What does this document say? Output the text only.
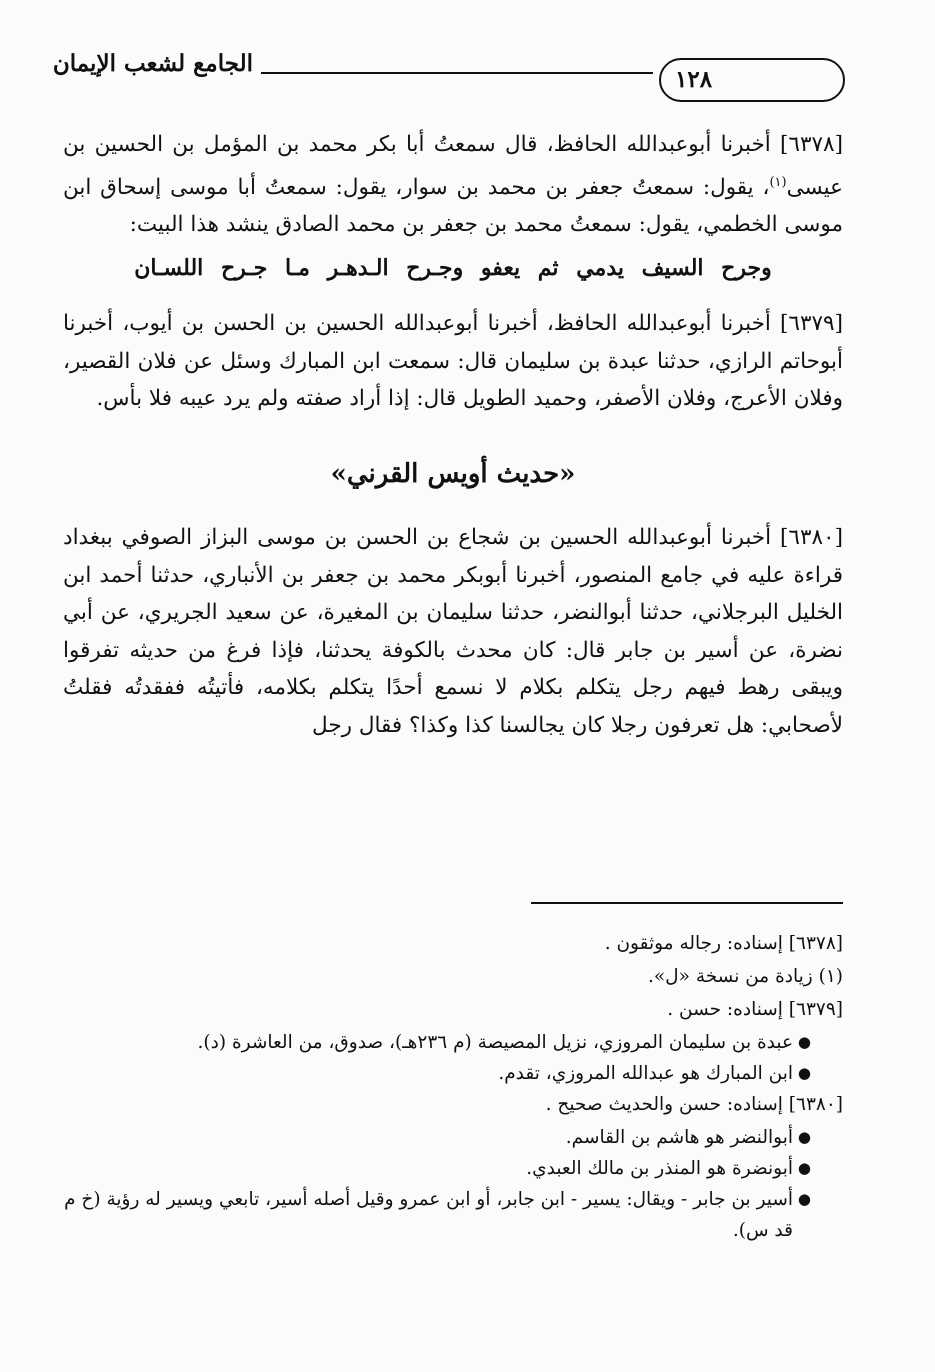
الجامع لشعب الإيمان
١٢٨

[٦٣٧٨] أخبرنا أبوعبدالله الحافظ، قال سمعتُ أبا بكر محمد بن المؤمل بن الحسين بن عيسى$^{(١)}$، يقول: سمعتُ جعفر بن محمد بن سوار، يقول: سمعتُ أبا موسى إسحاق ابن موسى الخطمي، يقول: سمعتُ محمد بن جعفر بن محمد الصادق ينشد هذا البيت:

وجرح السيف يدمي ثم يعفو وجـرح الـدهـر مـا جـرح اللسـان

[٦٣٧٩] أخبرنا أبوعبدالله الحافظ، أخبرنا أبوعبدالله الحسين بن الحسن بن أيوب، أخبرنا أبوحاتم الرازي، حدثنا عبدة بن سليمان قال: سمعت ابن المبارك وسئل عن فلان القصير، وفلان الأعرج، وفلان الأصفر، وحميد الطويل قال: إذا أراد صفته ولم يرد عيبه فلا بأس.

«حديث أويس القرني»

[٦٣٨٠] أخبرنا أبوعبدالله الحسين بن شجاع بن الحسن بن موسى البزاز الصوفي ببغداد قراءة عليه في جامع المنصور، أخبرنا أبوبكر محمد بن جعفر بن الأنباري، حدثنا أحمد ابن الخليل البرجلاني، حدثنا أبوالنضر، حدثنا سليمان بن المغيرة، عن سعيد الجريري، عن أبي نضرة، عن أسير بن جابر قال: كان محدث بالكوفة يحدثنا، فإذا فرغ من حديثه تفرقوا ويبقى رهط فيهم رجل يتكلم بكلام لا نسمع أحدًا يتكلم بكلامه، فأتيتُه ففقدتُه فقلتُ لأصحابي: هل تعرفون رجلا كان يجالسنا كذا وكذا؟ فقال رجل

[٦٣٧٨] إسناده: رجاله موثقون .

(١) زيادة من نسخة «ل».

[٦٣٧٩] إسناده: حسن .

●
عبدة بن سليمان المروزي، نزيل المصيصة (م ٢٣٦هـ)، صدوق، من العاشرة (د).
●
ابن المبارك هو عبدالله المروزي، تقدم.

[٦٣٨٠] إسناده: حسن والحديث صحيح .

●
أبوالنضر هو هاشم بن القاسم.
●
أبونضرة هو المنذر بن مالك العبدي.
●
أسير بن جابر - ويقال: يسير - ابن جابر، أو ابن عمرو وقيل أصله أسير، تابعي ويسير له رؤية (خ م قد س).
